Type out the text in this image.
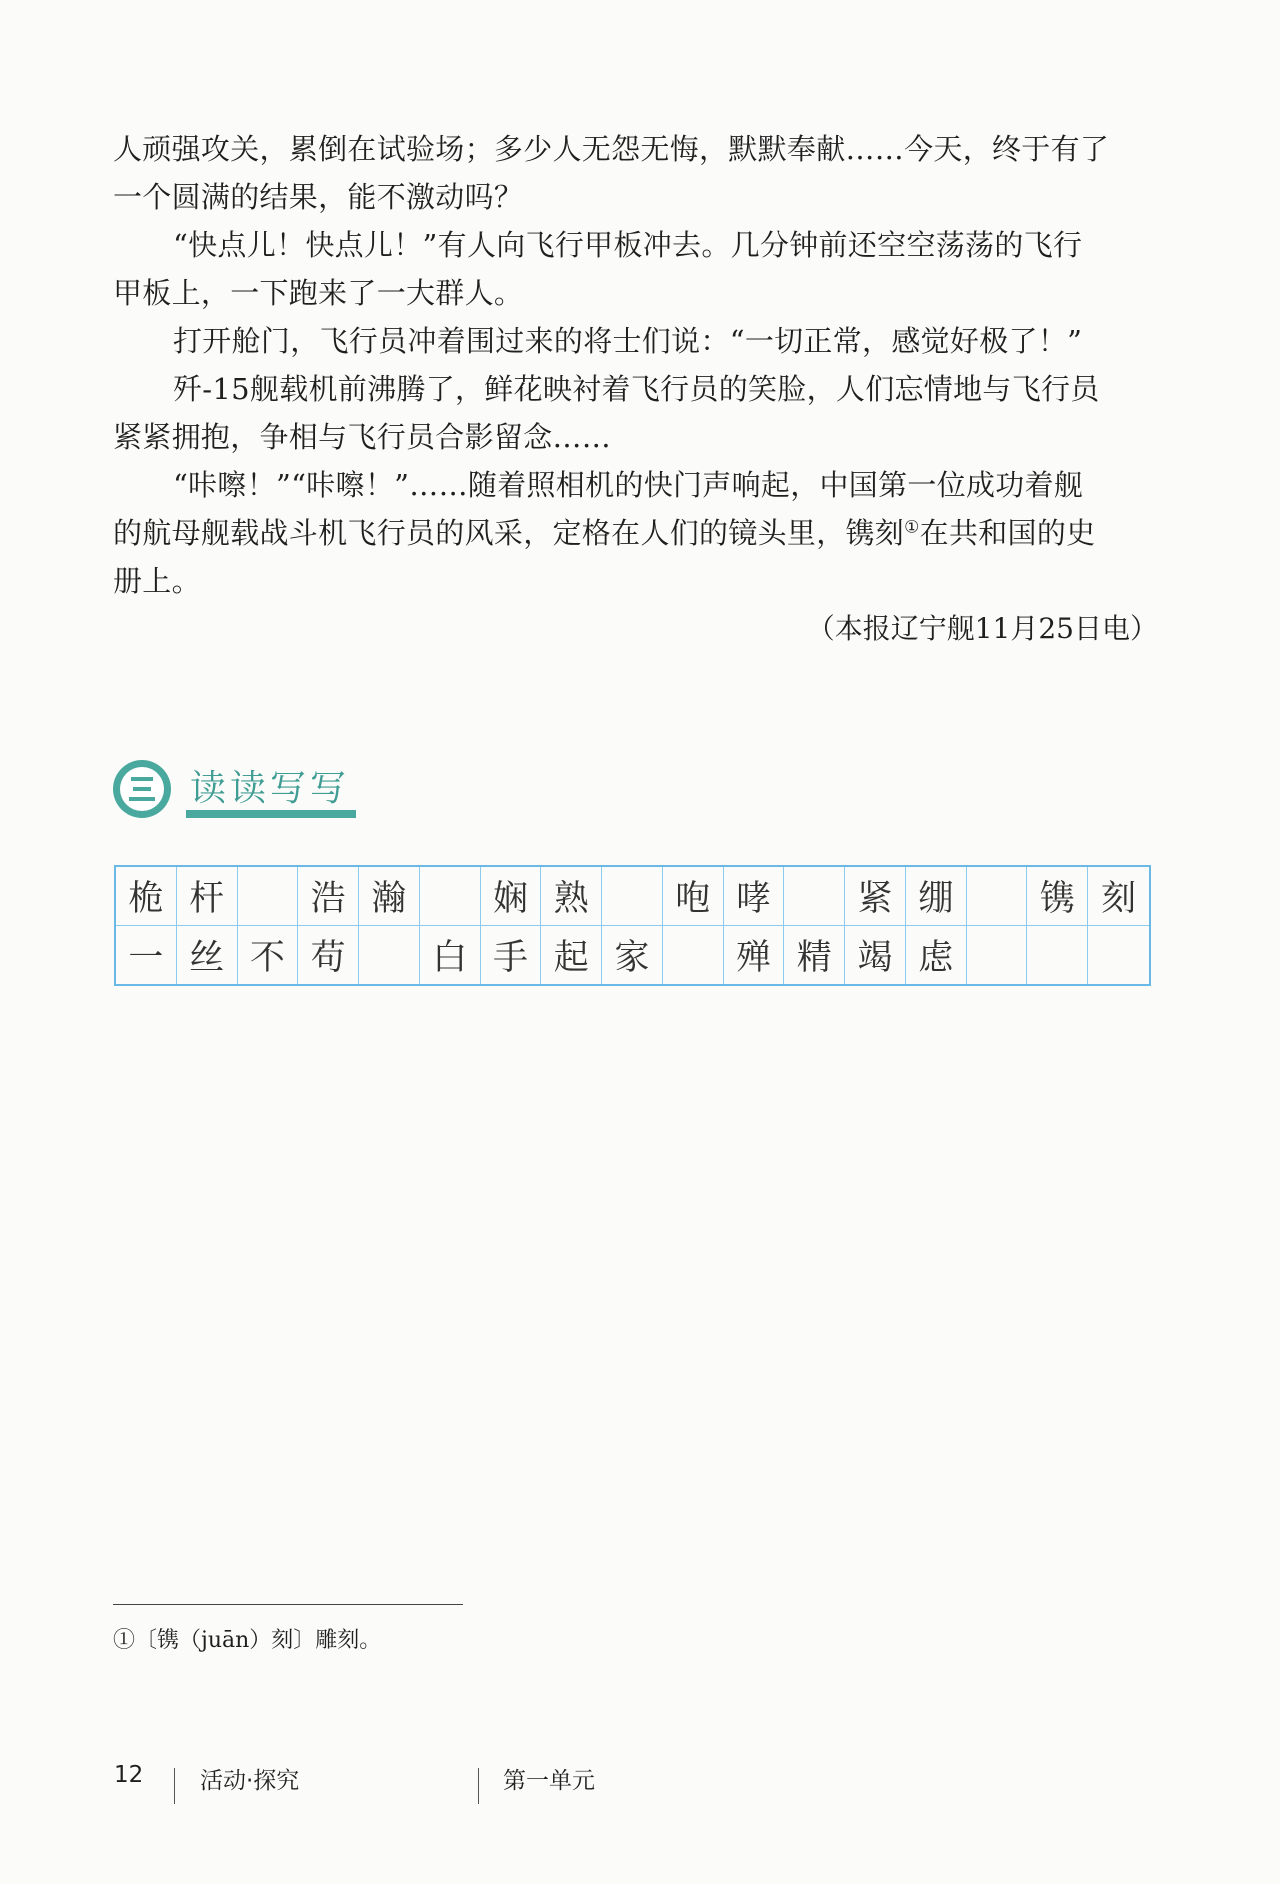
人顽强攻关，累倒在试验场；多少人无怨无悔，默默奉献……今天，终于有了
一个圆满的结果，能不激动吗？
“快点儿！快点儿！”有人向飞行甲板冲去。几分钟前还空空荡荡的飞行
甲板上，一下跑来了一大群人。
打开舱门，飞行员冲着围过来的将士们说：“一切正常，感觉好极了！”
歼-15舰载机前沸腾了，鲜花映衬着飞行员的笑脸，人们忘情地与飞行员
紧紧拥抱，争相与飞行员合影留念……
“咔嚓！”“咔嚓！”……随着照相机的快门声响起，中国第一位成功着舰
的航母舰载战斗机飞行员的风采，定格在人们的镜头里，镌刻①在共和国的史
册上。
（本报辽宁舰11月25日电）
读读写写
桅 杆	浩 瀚	娴 熟	咆 哮	紧 绷	镌 刻
一 丝 不 苟	白 手 起 家	殚 精 竭 虑
①〔镌（juān）刻〕雕刻。
12 活动·探究	第一单元
